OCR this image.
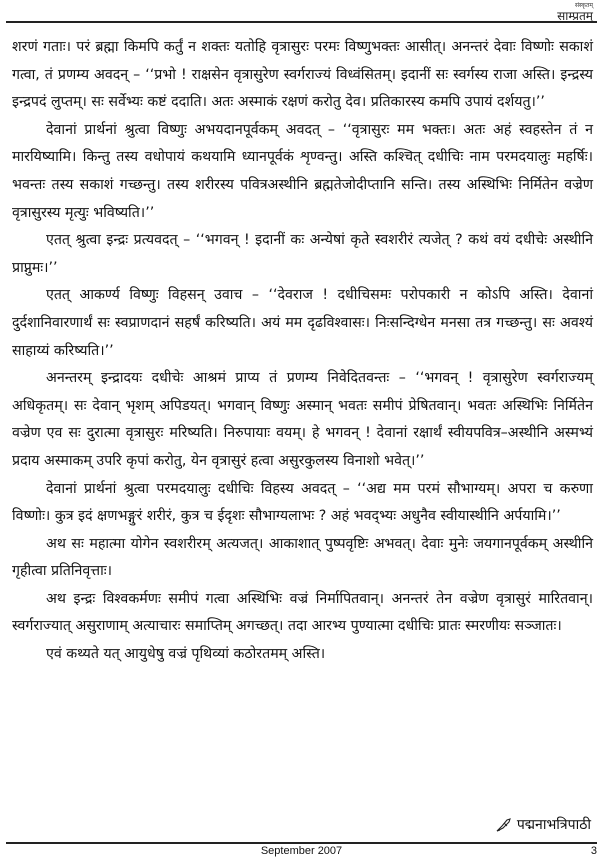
संस्कृतम्
साम्प्रतम्

शरणं गताः। परं ब्रह्मा किमपि कर्तुं न शक्तः यतोहि वृत्रासुरः परमः विष्णुभक्तः आसीत्। अनन्तरं देवाः विष्णोः सकाशं गत्वा, तं प्रणम्य अवदन् – ‘‘प्रभो ! राक्षसेन वृत्रासुरेण स्वर्गराज्यं विध्वंसितम्। इदानीं सः स्वर्गस्य राजा अस्ति। इन्द्रस्य इन्द्रपदं लुप्तम्। सः सर्वेभ्यः कष्टं ददाति। अतः अस्माकं रक्षणं करोतु देव। प्रतिकारस्य कमपि उपायं दर्शयतु।’’

देवानां प्रार्थनां श्रुत्वा विष्णुः अभयदानपूर्वकम् अवदत् – ‘‘वृत्रासुरः मम भक्तः। अतः अहं स्वहस्तेन तं न मारयिष्यामि। किन्तु तस्य वधोपायं कथयामि ध्यानपूर्वकं शृण्वन्तु। अस्ति कश्चित् दधीचिः नाम परमदयालुः महर्षिः। भवन्तः तस्य सकाशं गच्छन्तु। तस्य शरीरस्य पवित्रअस्थीनि ब्रह्मतेजोदीप्तानि सन्ति। तस्य अस्थिभिः निर्मितेन वज्रेण वृत्रासुरस्य मृत्युः भविष्यति।’’

एतत् श्रुत्वा इन्द्रः प्रत्यवदत् – ‘‘भगवन् ! इदानीं कः अन्येषां कृते स्वशरीरं त्यजेत् ? कथं वयं दधीचेः अस्थीनि प्राप्नुमः।’’

एतत् आकर्ण्य विष्णुः विहसन् उवाच – ‘‘देवराज ! दधीचिसमः परोपकारी न कोऽपि अस्ति। देवानां दुर्दशानिवारणार्थं सः स्वप्राणदानं सहर्षं करिष्यति। अयं मम दृढविश्वासः। निःसन्दिग्धेन मनसा तत्र गच्छन्तु। सः अवश्यं साहाय्यं करिष्यति।’’

अनन्तरम् इन्द्रादयः दधीचेः आश्रमं प्राप्य तं प्रणम्य निवेदितवन्तः – ‘‘भगवन् ! वृत्रासुरेण स्वर्गराज्यम् अधिकृतम्। सः देवान् भृशम् अपिडयत्। भगवान् विष्णुः अस्मान् भवतः समीपं प्रेषितवान्। भवतः अस्थिभिः निर्मितेन वज्रेण एव सः दुरात्मा वृत्रासुरः मरिष्यति। निरुपायाः वयम्। हे भगवन् ! देवानां रक्षार्थं स्वीयपवित्र–अस्थीनि अस्मभ्यं प्रदाय अस्माकम् उपरि कृपां करोतु, येन वृत्रासुरं हत्वा असुरकुलस्य विनाशो भवेत्।’’

देवानां प्रार्थनां श्रुत्वा परमदयालुः दधीचिः विहस्य अवदत् – ‘‘अद्य मम परमं सौभाग्यम्। अपरा च करुणा विष्णोः। कुत्र इदं क्षणभङ्गुरं शरीरं, कुत्र च ईदृशः सौभाग्यलाभः ? अहं भवद्भ्यः अधुनैव स्वीयास्थीनि अर्पयामि।’’

अथ सः महात्मा योगेन स्वशरीरम् अत्यजत्। आकाशात् पुष्पवृष्टिः अभवत्। देवाः मुनेः जयगानपूर्वकम् अस्थीनि गृहीत्वा प्रतिनिवृत्ताः।

अथ इन्द्रः विश्वकर्मणः समीपं गत्वा अस्थिभिः वज्रं निर्मापितवान्। अनन्तरं तेन वज्रेण वृत्रासुरं मारितवान्। स्वर्गराज्यात् असुराणाम् अत्याचारः समाप्तिम् अगच्छत्। तदा आरभ्य पुण्यात्मा दधीचिः प्रातः स्मरणीयः सञ्जातः।

एवं कथ्यते यत् आयुधेषु वज्रं पृथिव्यां कठोरतमम् अस्ति।

पद्मनाभत्रिपाठी
September 2007	3
